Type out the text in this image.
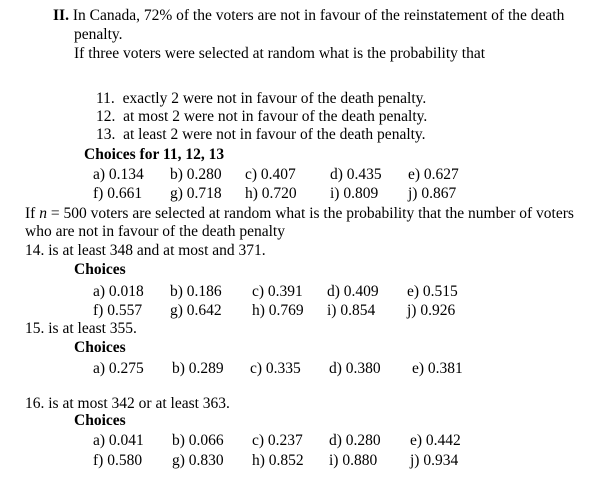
II. In Canada, 72% of the voters are not in favour of the reinstatement of the death
penalty.
If three voters were selected at random what is the probability that
11. exactly 2 were not in favour of the death penalty.
12. at most 2 were not in favour of the death penalty.
13. at least 2 were not in favour of the death penalty.
Choices for 11, 12, 13
a) 0.134 b) 0.280 c) 0.407 d) 0.435 e) 0.627
f) 0.661 g) 0.718 h) 0.720 i) 0.809 j) 0.867
If n = 500 voters are selected at random what is the probability that the number of voters
who are not in favour of the death penalty
14. is at least 348 and at most and 371.
Choices
a) 0.018 b) 0.186 c) 0.391 d) 0.409 e) 0.515
f) 0.557 g) 0.642 h) 0.769 i) 0.854 j) 0.926
15. is at least 355.
Choices
a) 0.275 b) 0.289 c) 0.335 d) 0.380 e) 0.381
16. is at most 342 or at least 363.
Choices
a) 0.041 b) 0.066 c) 0.237 d) 0.280 e) 0.442
f) 0.580 g) 0.830 h) 0.852 i) 0.880 j) 0.934
